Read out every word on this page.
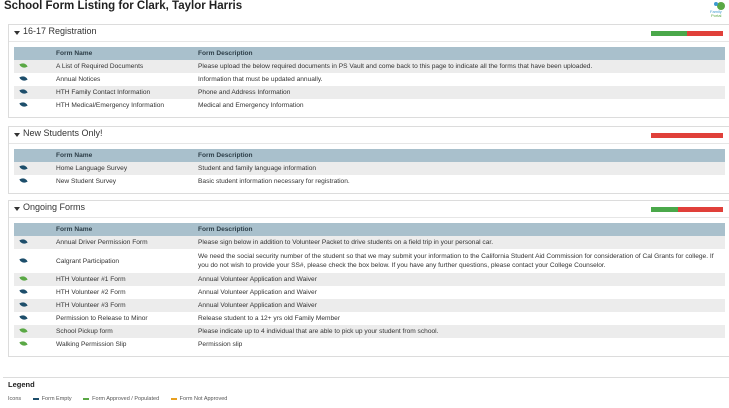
School Form Listing for Clark, Taylor Harris	Family
Portal
16-17 Registration
	Form Name	Form Description
	A List of Required Documents	Please upload the below required documents in PS Vault and come back to this page to indicate all the forms that have been uploaded.
	Annual Notices	Information that must be updated annually.
	HTH Family Contact Information	Phone and Address Information
	HTH Medical/Emergency Information	Medical and Emergency Information
New Students Only!
	Form Name	Form Description
	Home Language Survey	Student and family language information
	New Student Survey	Basic student information necessary for registration.
Ongoing Forms
	Form Name	Form Description
	Annual Driver Permission Form	Please sign below in addition to Volunteer Packet to drive students on a field trip in your personal car.
	Calgrant Participation	We need the social security number of the student so that we may submit your information to the California Student Aid Commission for consideration of Cal Grants for college. If you do not wish to provide your SS#, please check the box below. If you have any further questions, please contact your College Counselor.
	HTH Volunteer #1 Form	Annual Volunteer Application and Waiver
	HTH Volunteer #2 Form	Annual Volunteer Application and Waiver
	HTH Volunteer #3 Form	Annual Volunteer Application and Waiver
	Permission to Release to Minor	Release student to a 12+ yrs old Family Member
	School Pickup form	Please indicate up to 4 individual that are able to pick up your student from school.
	Walking Permission Slip	Permission slip
Legend
Icons	Form Empty	Form Approved / Populated	Form Not Approved
